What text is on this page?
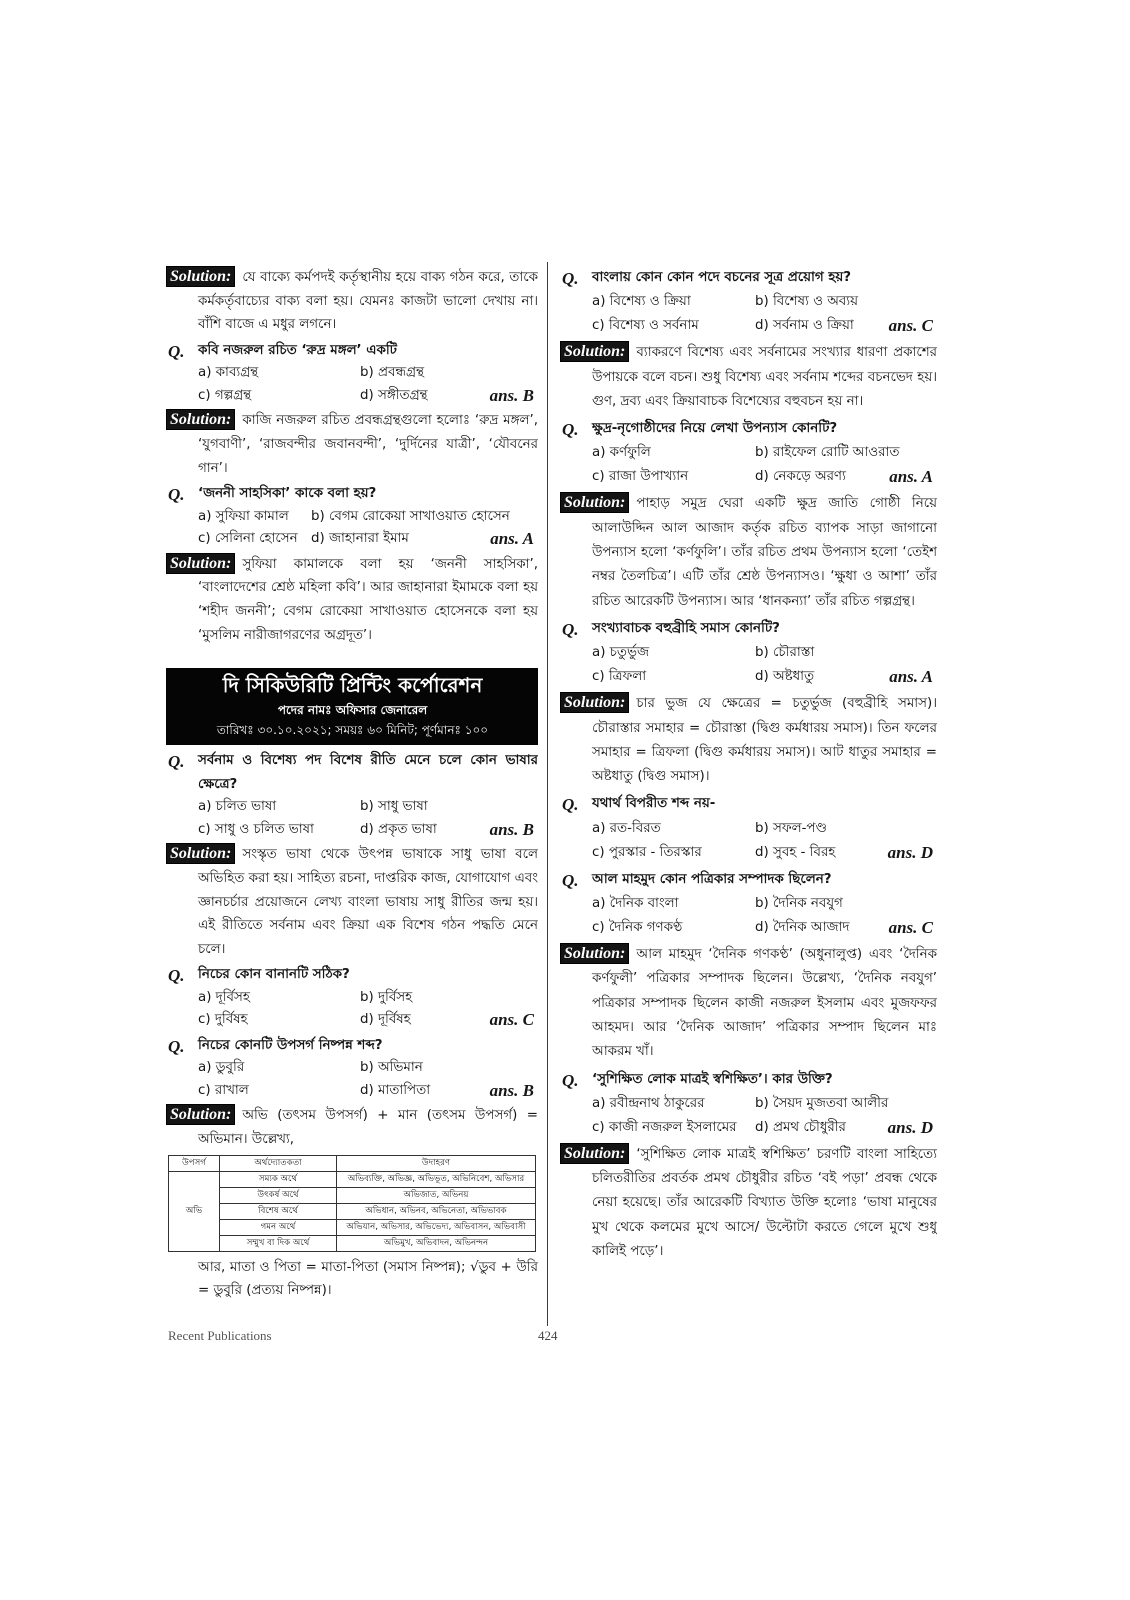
Solution: যে বাক্যে কর্মপদই কর্তৃস্থানীয় হয়ে বাক্য গঠন করে, তাকে কর্মকর্তৃবাচ্যের বাক্য বলা হয়। যেমনঃ কাজটা ভালো দেখায় না। বাঁশি বাজে এ মধুর লগনে।

Q. কবি নজরুল রচিত ‘রুদ্র মঙ্গল’ একটি
a) কাব্যগ্রন্থ	b) প্রবন্ধগ্রন্থ
c) গল্পগ্রন্থ	d) সঙ্গীতগ্রন্থ	ans. B

Solution: কাজি নজরুল রচিত প্রবন্ধগ্রন্থগুলো হলোঃ ‘রুদ্র মঙ্গল’, ‘যুগবাণী’, ‘রাজবন্দীর জবানবন্দী’, ‘দুর্দিনের যাত্রী’, ‘যৌবনের গান’।

Q. ‘জননী সাহসিকা’ কাকে বলা হয়?
a) সুফিয়া কামাল	b) বেগম রোকেয়া সাখাওয়াত হোসেন
c) সেলিনা হোসেন d) জাহানারা ইমাম	ans. A

Solution: সুফিয়া কামালকে বলা হয় ‘জননী সাহসিকা’, ‘বাংলাদেশের শ্রেষ্ঠ মহিলা কবি’। আর জাহানারা ইমামকে বলা হয় ‘শহীদ জননী’; বেগম রোকেয়া সাখাওয়াত হোসেনকে বলা হয় ‘মুসলিম নারীজাগরণের অগ্রদূত’।

দি সিকিউরিটি প্রিন্টিং কর্পোরেশন
পদের নামঃ অফিসার জেনারেল
তারিখঃ ৩০.১০.২০২১; সময়ঃ ৬০ মিনিট; পূর্ণমানঃ ১০০
Q. সর্বনাম ও বিশেষ্য পদ বিশেষ রীতি মেনে চলে কোন ভাষার ক্ষেত্রে?
a) চলিত ভাষা	b) সাধু ভাষা
c) সাধু ও চলিত ভাষা	d) প্রকৃত ভাষা	ans. B

Solution: সংস্কৃত ভাষা থেকে উৎপন্ন ভাষাকে সাধু ভাষা বলে অভিহিত করা হয়। সাহিত্য রচনা, দাপ্তরিক কাজ, যোগাযোগ এবং জ্ঞানচর্চার প্রয়োজনে লেখ্য বাংলা ভাষায় সাধু রীতির জন্ম হয়। এই রীতিতে সর্বনাম এবং ক্রিয়া এক বিশেষ গঠন পদ্ধতি মেনে চলে।

Q. নিচের কোন বানানটি সঠিক?
a) দূর্বিসহ	b) দুর্বিসহ
c) দুর্বিষহ	d) দূর্বিষহ	ans. C
Q. নিচের কোনটি উপসর্গ নিষ্পন্ন শব্দ?
a) ডুবুরি	b) অভিমান
c) রাখাল	d) মাতাপিতা	ans. B

Solution: অভি (তৎসম উপসর্গ) + মান (তৎসম উপসর্গ) = অভিমান। উল্লেখ্য,

উপসর্গ	অর্থদ্যোতকতা	উদাহরণ
অভি	সম্যক অর্থে	অভিব্যক্তি, অভিজ্ঞ, অভিভূত, অভিনিবেশ, অভিসার
	উৎকর্ষ অর্থে	অভিজাত, অভিনয়
	বিশেষ অর্থে	অভিধান, অভিনব, অভিনেতা, অভিভাবক
	গমন অর্থে	অভিযান, অভিসার, অভিভেদ্য, অভিবাসন, অভিবাসী
	সম্মুখ বা দিক অর্থে	অভিমুখ, অভিবাদন, অভিনন্দন

আর, মাতা ও পিতা = মাতা-পিতা (সমাস নিষ্পন্ন); √ডুব + উরি = ডুবুরি (প্রত্যয় নিষ্পন্ন)।

Q. বাংলায় কোন কোন পদে বচনের সূত্র প্রয়োগ হয়?
a) বিশেষ্য ও ক্রিয়া	b) বিশেষ্য ও অব্যয়
c) বিশেষ্য ও সর্বনাম	d) সর্বনাম ও ক্রিয়া ans. C

Solution: ব্যাকরণে বিশেষ্য এবং সর্বনামের সংখ্যার ধারণা প্রকাশের উপায়কে বলে বচন। শুধু বিশেষ্য এবং সর্বনাম শব্দের বচনভেদ হয়। গুণ, দ্রব্য এবং ক্রিয়াবাচক বিশেষ্যের বহুবচন হয় না।

Q. ক্ষুদ্র-নৃগোষ্ঠীদের নিয়ে লেখা উপন্যাস কোনটি?
a) কর্ণফুলি	b) রাইফেল রোটি আওরাত
c) রাজা উপাখ্যান	d) নেকড়ে অরণ্য	ans. A

Solution: পাহাড় সমুদ্র ঘেরা একটি ক্ষুদ্র জাতি গোষ্ঠী নিয়ে আলাউদ্দিন আল আজাদ কর্তৃক রচিত ব্যাপক সাড়া জাগানো উপন্যাস হলো ‘কর্ণফুলি’। তাঁর রচিত প্রথম উপন্যাস হলো ‘তেইশ নম্বর তৈলচিত্র’। এটি তাঁর শ্রেষ্ঠ উপন্যাসও। ‘ক্ষুধা ও আশা’ তাঁর রচিত আরেকটি উপন্যাস। আর ‘ধানকন্যা’ তাঁর রচিত গল্পগ্রন্থ।

Q. সংখ্যাবাচক বহুব্রীহি সমাস কোনটি?
a) চতুর্ভুজ	b) চৌরাস্তা
c) ত্রিফলা	d) অষ্টধাতু	ans. A

Solution: চার ভুজ যে ক্ষেত্রের = চতুর্ভুজ (বহুব্রীহি সমাস)। চৌরাস্তার সমাহার = চৌরাস্তা (দ্বিগু কর্মধারয় সমাস)। তিন ফলের সমাহার = ত্রিফলা (দ্বিগু কর্মধারয় সমাস)। আট ধাতুর সমাহার = অষ্টধাতু (দ্বিগু সমাস)।

Q. যথার্থ বিপরীত শব্দ নয়-
a) রত-বিরত	b) সফল-পণ্ড
c) পুরস্কার - তিরস্কার	d) সুবহ - বিরহ	ans. D
Q. আল মাহমুদ কোন পত্রিকার সম্পাদক ছিলেন?
a) দৈনিক বাংলা	b) দৈনিক নবযুগ
c) দৈনিক গণকণ্ঠ	d) দৈনিক আজাদ ans. C

Solution: আল মাহমুদ ‘দৈনিক গণকণ্ঠ’ (অধুনালুপ্ত) এবং ‘দৈনিক কর্ণফুলী’ পত্রিকার সম্পাদক ছিলেন। উল্লেখ্য, ‘দৈনিক নবযুগ’ পত্রিকার সম্পাদক ছিলেন কাজী নজরুল ইসলাম এবং মুজফফর আহমদ। আর ‘দৈনিক আজাদ’ পত্রিকার সম্পাদ ছিলেন মাঃ আকরম খাঁ।

Q. ‘সুশিক্ষিত লোক মাত্রই স্বশিক্ষিত’। কার উক্তি?
a) রবীন্দ্রনাথ ঠাকুরের	b) সৈয়দ মুজতবা আলীর
c) কাজী নজরুল ইসলামের	d) প্রমথ চৌধুরীর ans. D

Solution: ‘সুশিক্ষিত লোক মাত্রই স্বশিক্ষিত’ চরণটি বাংলা সাহিত্যে চলিতরীতির প্রবর্তক প্রমথ চৌধুরীর রচিত ‘বই পড়া’ প্রবন্ধ থেকে নেয়া হয়েছে। তাঁর আরেকটি বিখ্যাত উক্তি হলোঃ ‘ভাষা মানুষের মুখ থেকে কলমের মুখে আসে/ উল্টোটা করতে গেলে মুখে শুধু কালিই পড়ে’।

Recent Publications	424
